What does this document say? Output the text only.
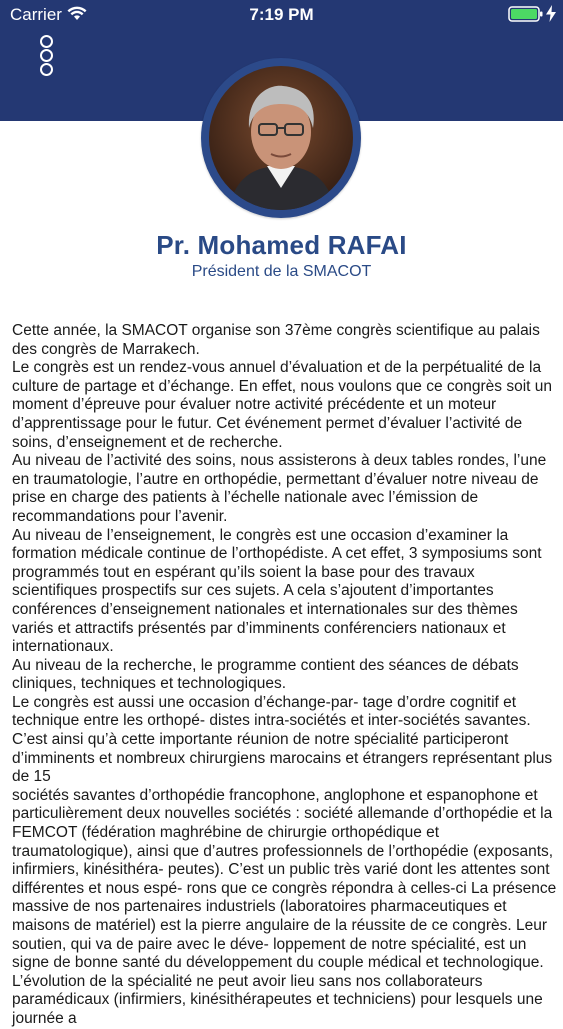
Carrier	7:19 PM
Pr. Mohamed RAFAI
Président de la SMACOT

Cette année, la SMACOT organise son 37ème congrès scientifique au palais des congrès de Marrakech.

Le congrès est un rendez-vous annuel d’évaluation et de la perpétualité de la culture de partage et d’échange. En effet, nous voulons que ce congrès soit un moment d’épreuve pour évaluer notre activité précédente et un moteur d’apprentissage pour le futur. Cet événement permet d’évaluer l’activité de soins, d’enseignement et de recherche.

Au niveau de l’activité des soins, nous assisterons à deux tables rondes, l’une en traumatologie, l’autre en orthopédie, permettant d’évaluer notre niveau de prise en charge des patients à l’échelle nationale avec l’émission de recommandations pour l’avenir.

Au niveau de l’enseignement, le congrès est une occasion d’examiner la formation médicale continue de l’orthopédiste. A cet effet, 3 symposiums sont programmés tout en espérant qu’ils soient la base pour des travaux scientifiques prospectifs sur ces sujets. A cela s’ajoutent d’importantes conférences d’enseignement nationales et internationales sur des thèmes variés et attractifs présentés par d’imminents conférenciers nationaux et internationaux.

Au niveau de la recherche, le programme contient des séances de débats cliniques, techniques et technologiques.

Le congrès est aussi une occasion d’échange-par- tage d’ordre cognitif et technique entre les orthopé- distes intra-sociétés et inter-sociétés savantes. C’est ainsi qu’à cette importante réunion de notre spécialité participeront d’imminents et nombreux chirurgiens marocains et étrangers représentant plus de 15
sociétés savantes d’orthopédie francophone, anglophone et espanophone et particulièrement deux nouvelles sociétés : société allemande d’orthopédie et la FEMCOT (fédération maghrébine de chirurgie orthopédique et traumatologique), ainsi que d’autres professionnels de l’orthopédie (exposants, infirmiers, kinésithéra- peutes). C’est un public très varié dont les attentes sont différentes et nous espé- rons que ce congrès répondra à celles-ci La présence massive de nos partenaires industriels (laboratoires pharmaceutiques et maisons de matériel) est la pierre angulaire de la réussite de ce congrès. Leur soutien, qui va de paire avec le déve- loppement de notre spécialité, est un signe de bonne santé du développement du couple médical et technologique. L’évolution de la spécialité ne peut avoir lieu sans nos collaborateurs paramédicaux (infirmiers, kinésithérapeutes et techniciens) pour lesquels une journée a
